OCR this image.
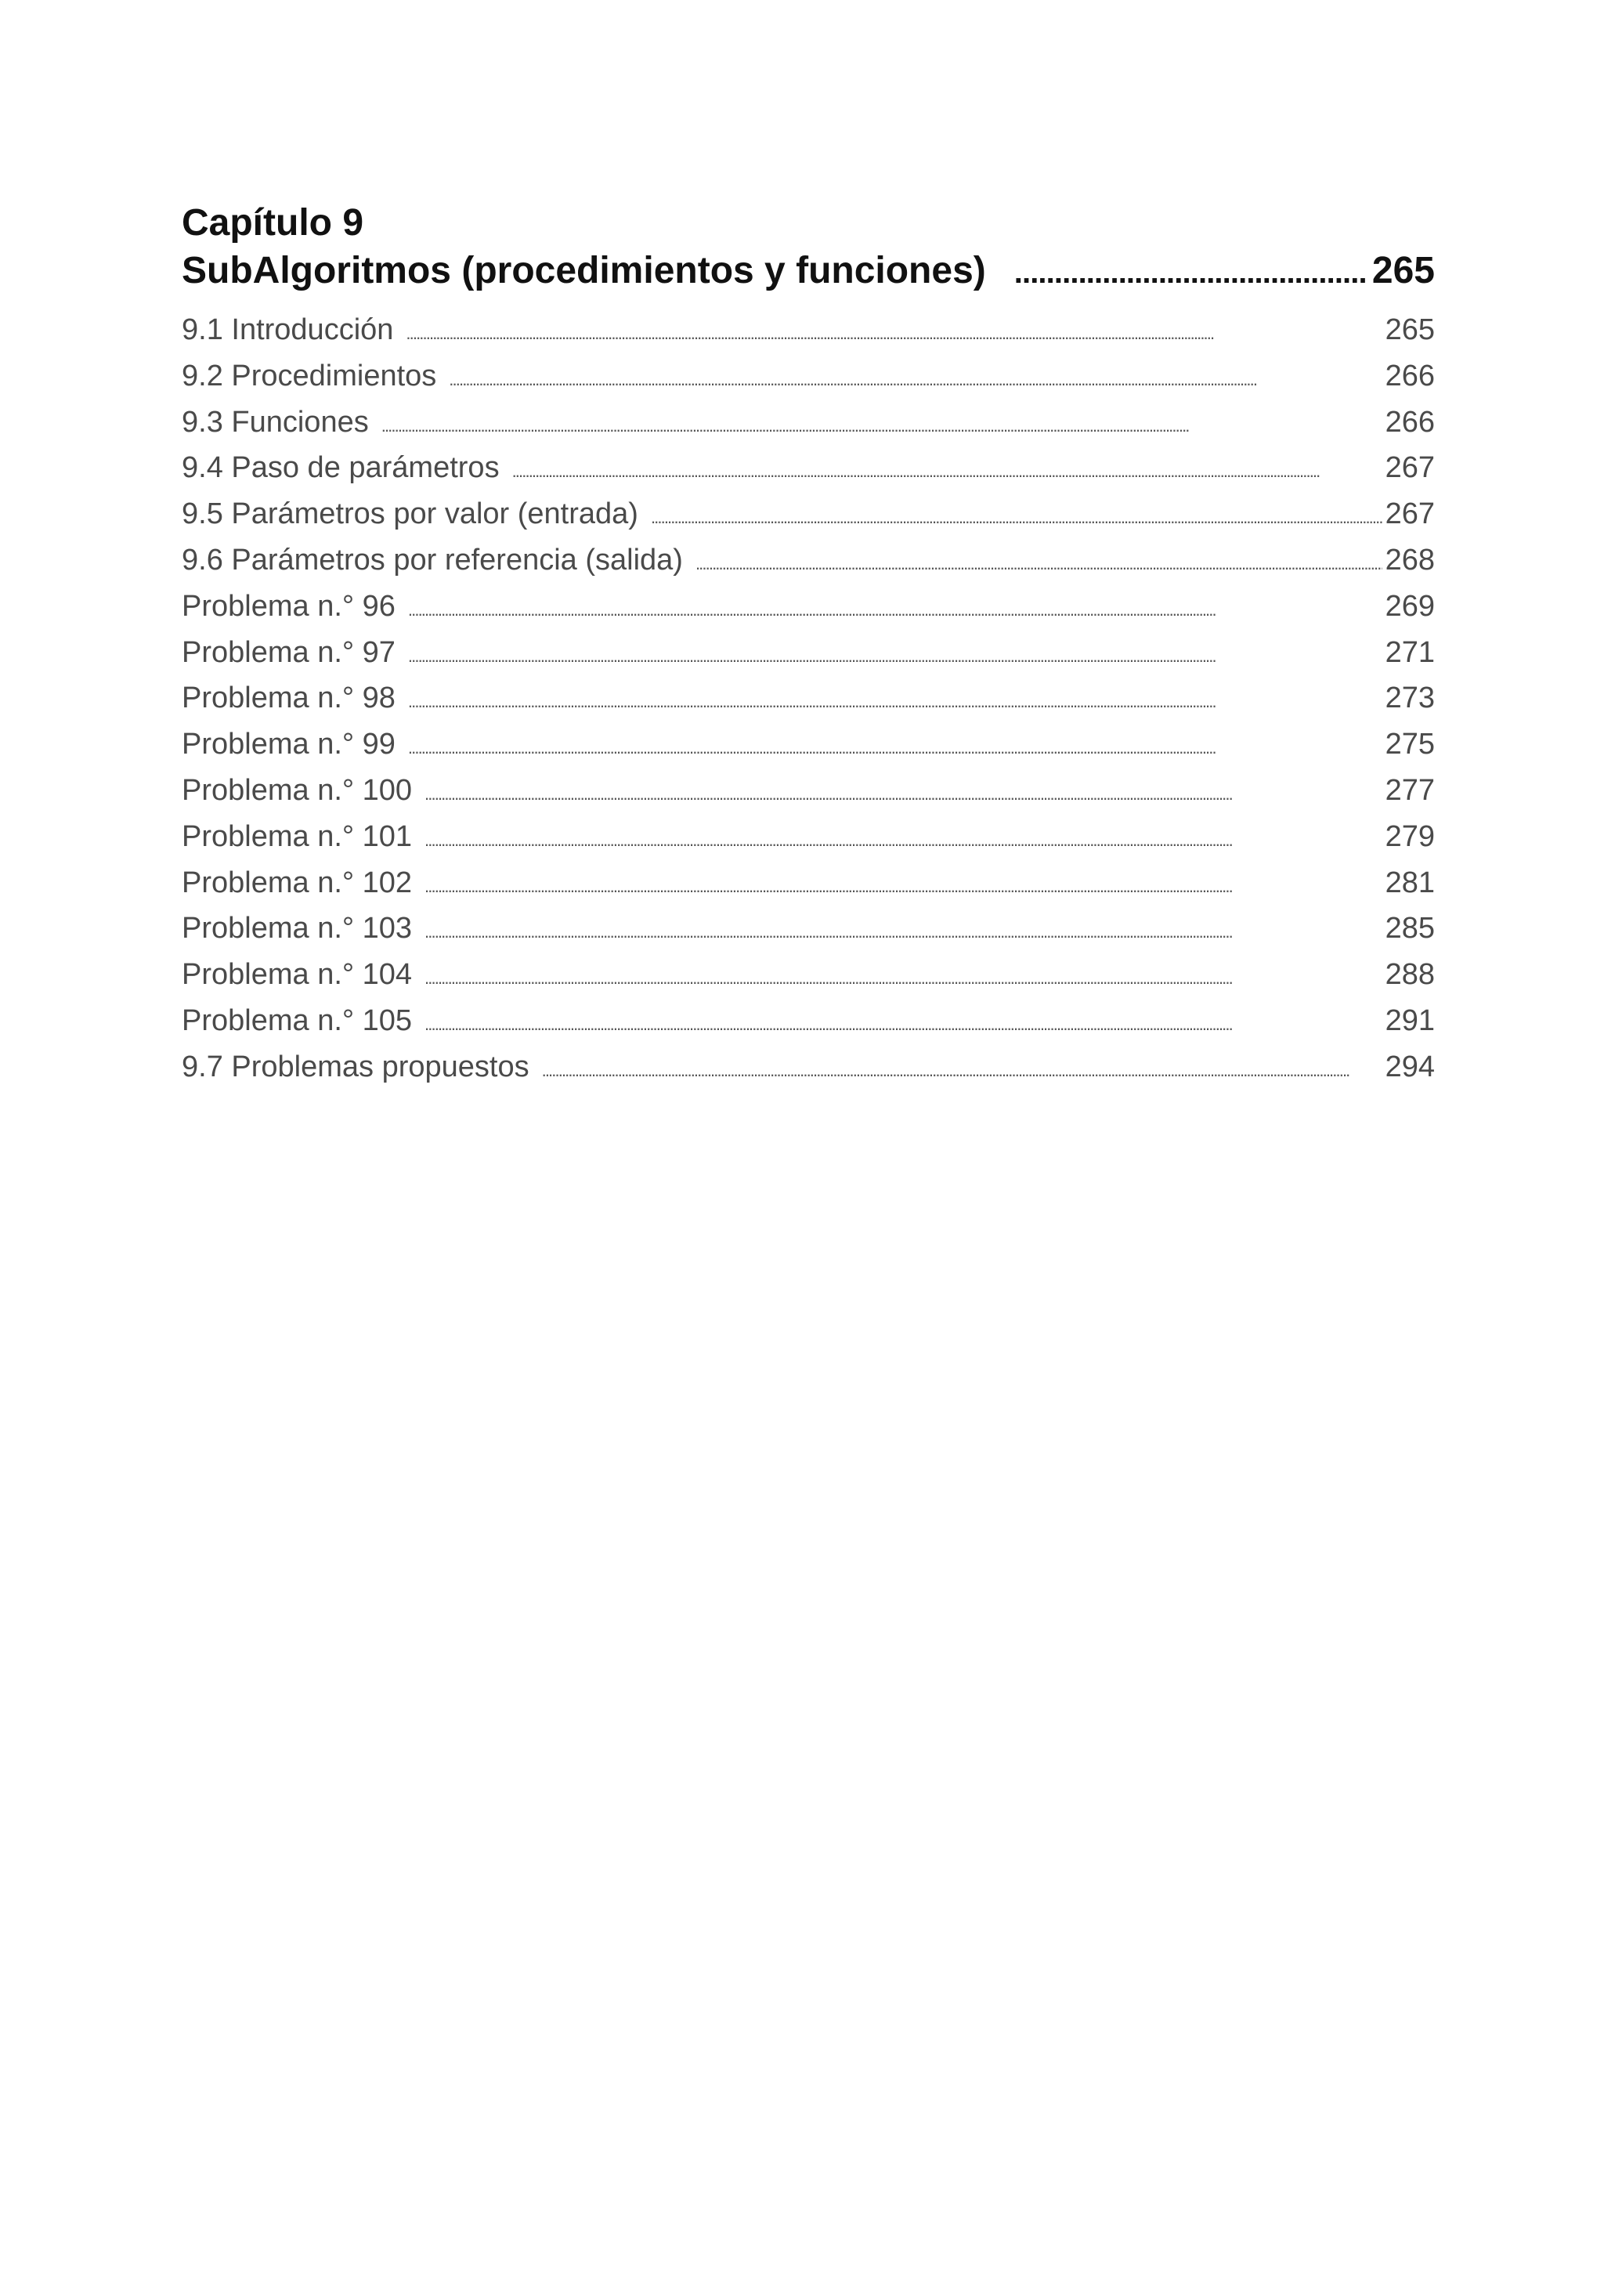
Capítulo 9
SubAlgoritmos (procedimientos y funciones) . . .	265
9.1 Introducción . . .	265
9.2 Procedimientos . . .	266
9.3 Funciones . . .	266
9.4 Paso de parámetros . . .	267
9.5 Parámetros por valor (entrada) . . .	267
9.6 Parámetros por referencia (salida) . . .	268
Problema n.° 96 . . .	269
Problema n.° 97 . . .	271
Problema n.° 98 . . .	273
Problema n.° 99 . . .	275
Problema n.° 100 . . .	277
Problema n.° 101 . . .	279
Problema n.° 102 . . .	281
Problema n.° 103 . . .	285
Problema n.° 104 . . .	288
Problema n.° 105 . . .	291
9.7 Problemas propuestos . . .	294
